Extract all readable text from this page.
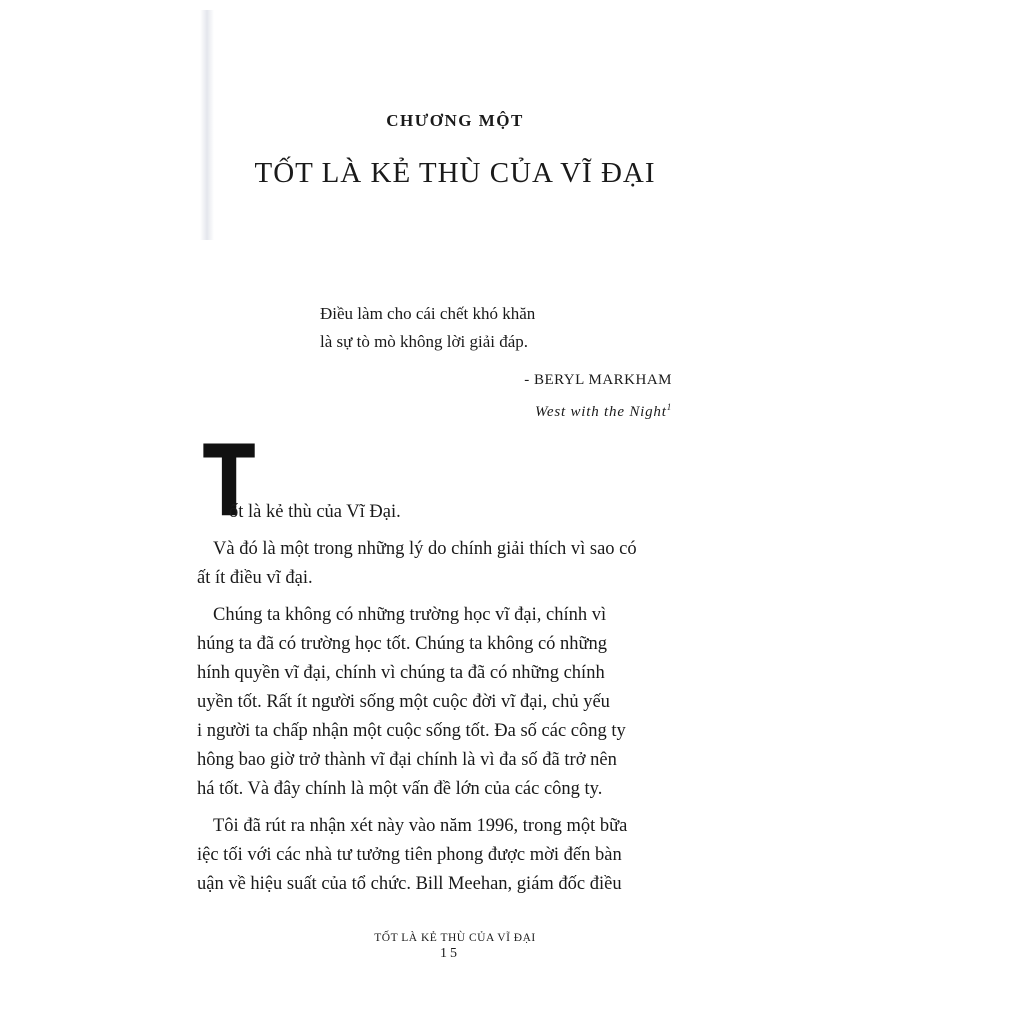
CHƯƠNG MỘT
TỐT LÀ KẺ THÙ CỦA VĨ ĐẠI
Điều làm cho cái chết khó khăn
là sự tò mò không lời giải đáp.
- BERYL MARKHAM
West with the Night$^1$
T
ốt là kẻ thù của Vĩ Đại.
Và đó là một trong những lý do chính giải thích vì sao có
ất ít điều vĩ đại.
Chúng ta không có những trường học vĩ đại, chính vì
húng ta đã có trường học tốt. Chúng ta không có những
hính quyền vĩ đại, chính vì chúng ta đã có những chính
uyền tốt. Rất ít người sống một cuộc đời vĩ đại, chủ yếu
i người ta chấp nhận một cuộc sống tốt. Đa số các công ty
hông bao giờ trở thành vĩ đại chính là vì đa số đã trở nên
há tốt. Và đây chính là một vấn đề lớn của các công ty.
Tôi đã rút ra nhận xét này vào năm 1996, trong một bữa
iệc tối với các nhà tư tưởng tiên phong được mời đến bàn
uận về hiệu suất của tổ chức. Bill Meehan, giám đốc điều
TỐT LÀ KẺ THÙ CỦA VĨ ĐẠI
15
